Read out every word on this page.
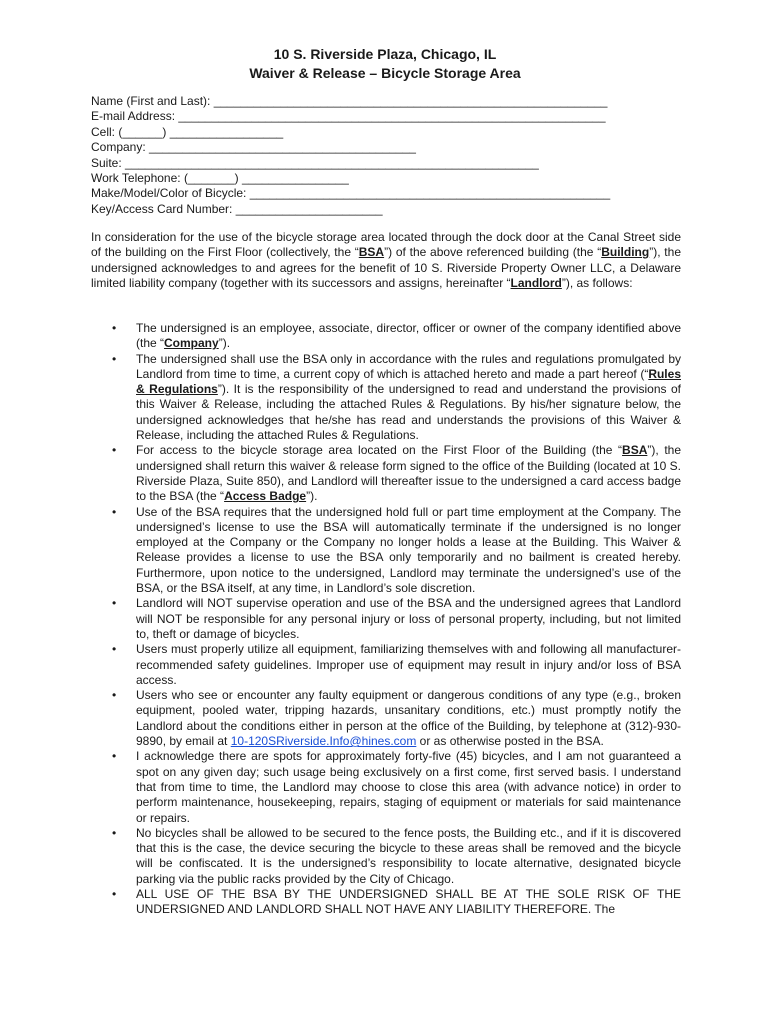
10 S. Riverside Plaza, Chicago, IL
Waiver & Release – Bicycle Storage Area
Name (First and Last): ___________________________________________________________
E-mail Address: ________________________________________________________________
Cell: (______) _________________
Company: ________________________________________
Suite: ______________________________________________________________
Work Telephone: (_______) ________________
Make/Model/Color of Bicycle: ______________________________________________________
Key/Access Card Number: ______________________
In consideration for the use of the bicycle storage area located through the dock door at the Canal Street side of the building on the First Floor (collectively, the “BSA”) of the above referenced building (the “Building”), the undersigned acknowledges to and agrees for the benefit of 10 S. Riverside Property Owner LLC, a Delaware limited liability company (together with its successors and assigns, hereinafter “Landlord”), as follows:
• The undersigned is an employee, associate, director, officer or owner of the company identified above (the “Company”).
• The undersigned shall use the BSA only in accordance with the rules and regulations promulgated by Landlord from time to time, a current copy of which is attached hereto and made a part hereof (“Rules & Regulations”). It is the responsibility of the undersigned to read and understand the provisions of this Waiver & Release, including the attached Rules & Regulations. By his/her signature below, the undersigned acknowledges that he/she has read and understands the provisions of this Waiver & Release, including the attached Rules & Regulations.
• For access to the bicycle storage area located on the First Floor of the Building (the “BSA”), the undersigned shall return this waiver & release form signed to the office of the Building (located at 10 S. Riverside Plaza, Suite 850), and Landlord will thereafter issue to the undersigned a card access badge to the BSA (the “Access Badge”).
• Use of the BSA requires that the undersigned hold full or part time employment at the Company. The undersigned’s license to use the BSA will automatically terminate if the undersigned is no longer employed at the Company or the Company no longer holds a lease at the Building. This Waiver & Release provides a license to use the BSA only temporarily and no bailment is created hereby. Furthermore, upon notice to the undersigned, Landlord may terminate the undersigned’s use of the BSA, or the BSA itself, at any time, in Landlord’s sole discretion.
• Landlord will NOT supervise operation and use of the BSA and the undersigned agrees that Landlord will NOT be responsible for any personal injury or loss of personal property, including, but not limited to, theft or damage of bicycles.
• Users must properly utilize all equipment, familiarizing themselves with and following all manufacturer-recommended safety guidelines. Improper use of equipment may result in injury and/or loss of BSA access.
• Users who see or encounter any faulty equipment or dangerous conditions of any type (e.g., broken equipment, pooled water, tripping hazards, unsanitary conditions, etc.) must promptly notify the Landlord about the conditions either in person at the office of the Building, by telephone at (312)-930-9890, by email at 10-120SRiverside.Info@hines.com or as otherwise posted in the BSA.
• I acknowledge there are spots for approximately forty-five (45) bicycles, and I am not guaranteed a spot on any given day; such usage being exclusively on a first come, first served basis. I understand that from time to time, the Landlord may choose to close this area (with advance notice) in order to perform maintenance, housekeeping, repairs, staging of equipment or materials for said maintenance or repairs.
• No bicycles shall be allowed to be secured to the fence posts, the Building etc., and if it is discovered that this is the case, the device securing the bicycle to these areas shall be removed and the bicycle will be confiscated. It is the undersigned’s responsibility to locate alternative, designated bicycle parking via the public racks provided by the City of Chicago.
• ALL USE OF THE BSA BY THE UNDERSIGNED SHALL BE AT THE SOLE RISK OF THE UNDERSIGNED AND LANDLORD SHALL NOT HAVE ANY LIABILITY THEREFORE. The
